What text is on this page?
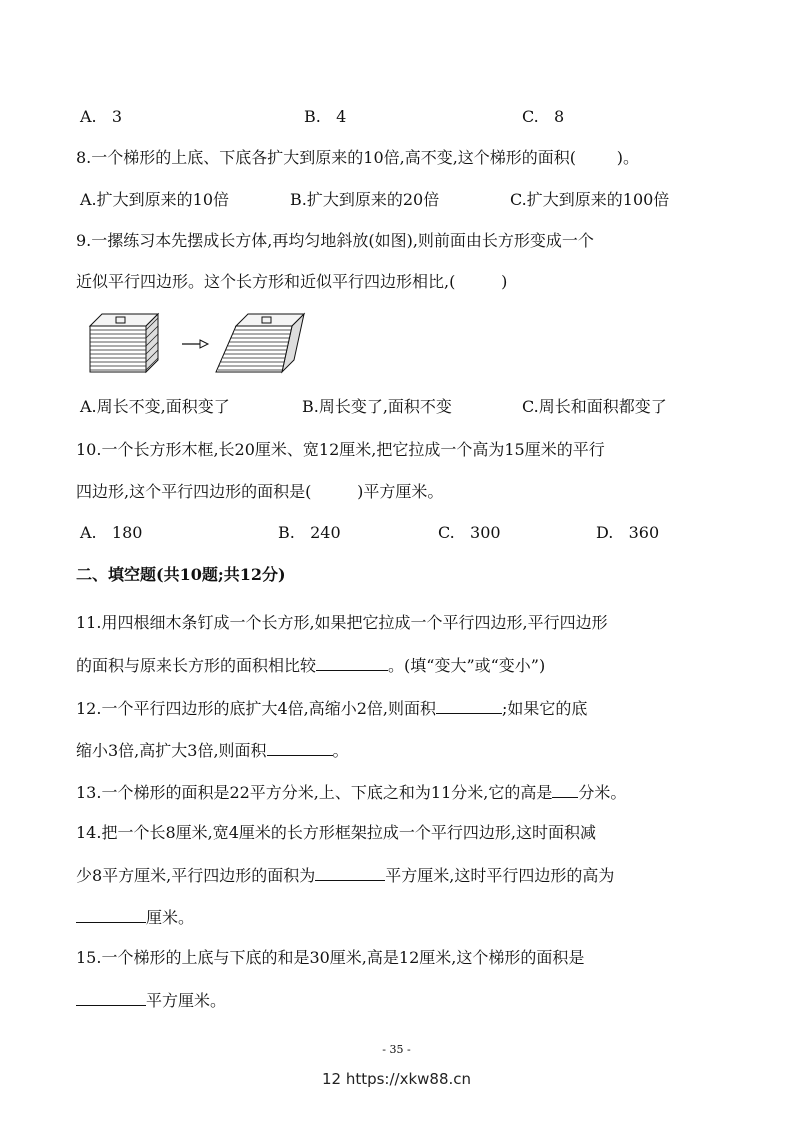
A.   3	B.   4	C.   8
8.一个梯形的上底、下底各扩大到原来的10倍,高不变,这个梯形的面积(        )。
A.扩大到原来的10倍	B.扩大到原来的20倍	C.扩大到原来的100倍
9.一摞练习本先摆成长方体,再均匀地斜放(如图),则前面由长方形变成一个
近似平行四边形。这个长方形和近似平行四边形相比,(         )
A.周长不变,面积变了	B.周长变了,面积不变	C.周长和面积都变了
10.一个长方形木框,长20厘米、宽12厘米,把它拉成一个高为15厘米的平行
四边形,这个平行四边形的面积是(         )平方厘米。
A.   180	B.   240	C.   300	D.   360
二、填空题(共10题;共12分)
11.用四根细木条钉成一个长方形,如果把它拉成一个平行四边形,平行四边形
的面积与原来长方形的面积相比较	。(填“变大”或“变小”)
12.一个平行四边形的底扩大4倍,高缩小2倍,则面积	;如果它的底
缩小3倍,高扩大3倍,则面积	。
13.一个梯形的面积是22平方分米,上、下底之和为11分米,它的高是 分米。
14.把一个长8厘米,宽4厘米的长方形框架拉成一个平行四边形,这时面积减
少8平方厘米,平行四边形的面积为	平方厘米,这时平行四边形的高为
厘米。
15.一个梯形的上底与下底的和是30厘米,高是12厘米,这个梯形的面积是
平方厘米。
- 35 -
12 https://xkw88.cn
